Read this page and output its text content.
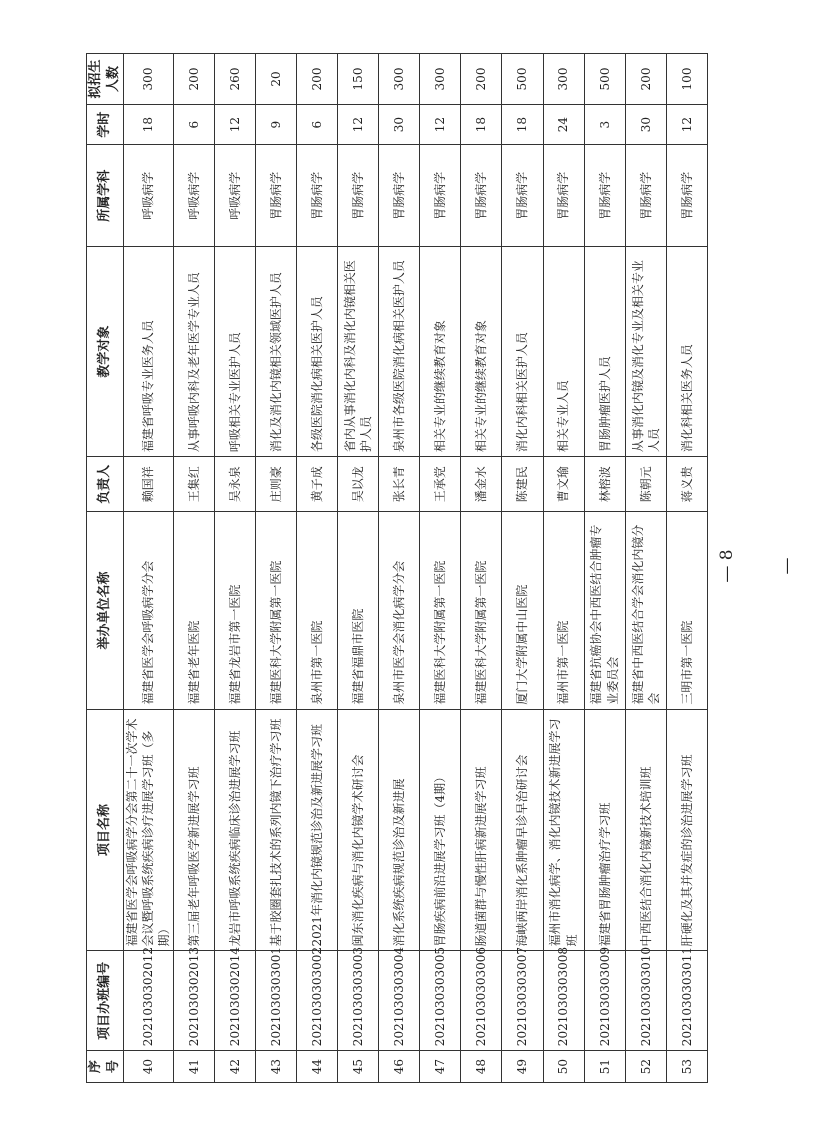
序号	项目办班编号	项目名称	举办单位名称	负责人	教学对象	所属学科	学时	拟招生人数
40	2021030302012	福建省医学会呼吸病学分会第二十一次学术会议暨呼吸系统疾病诊疗进展学习班（多期）	福建省医学会呼吸病学分会	赖国祥	福建省呼吸专业医务人员	呼吸病学	18	300
41	2021030302013	第三届老年呼吸医学新进展学习班	福建省老年医院	王集红	从事呼吸内科及老年医学专业人员	呼吸病学	6	200
42	2021030302014	龙岩市呼吸系统疾病临床诊治进展学习班	福建省龙岩市第一医院	吴永泉	呼吸相关专业医护人员	呼吸病学	12	260
43	2021030303001	基于胶圈套扎技术的系列内镜下治疗学习班	福建医科大学附属第一医院	庄则豪	消化及消化内镜相关领域医护人员	胃肠病学	9	20
44	2021030303002	2021年消化内镜规范诊治及新进展学习班	泉州市第一医院	黄子成	各级医院消化病相关医护人员	胃肠病学	6	200
45	2021030303003	闽东消化疾病与消化内镜学术研讨会	福建省福鼎市医院	吴以龙	省内从事消化内科及消化内镜相关医护人员	胃肠病学	12	150
46	2021030303004	消化系统疾病规范诊治及新进展	泉州市医学会消化病学分会	张长青	泉州市各级医院消化病相关医护人员	胃肠病学	30	300
47	2021030303005	胃肠疾病前沿进展学习班（4期）	福建医科大学附属第一医院	王承党	相关专业的继续教育对象	胃肠病学	12	300
48	2021030303006	肠道菌群与慢性肝病新进展学习班	福建医科大学附属第一医院	潘金水	相关专业的继续教育对象	胃肠病学	18	200
49	2021030303007	海峡两岸消化系肿瘤早诊早治研讨会	厦门大学附属中山医院	陈建民	消化内科相关医护人员	胃肠病学	18	500
50	2021030303008	福州市消化病学、消化内镜技术新进展学习班	福州市第一医院	曹文瑜	相关专业人员	胃肠病学	24	300
51	2021030303009	福建省胃肠肿瘤治疗学习班	福建省抗癌协会中西医结合肿瘤专业委员会	林榕波	胃肠肿瘤医护人员	胃肠病学	3	500
52	2021030303010	中西医结合消化内镜新技术培训班	福建省中西医结合学会消化内镜分会	陈朝元	从事消化内镜及消化专业及相关专业人员	胃肠病学	30	200
53	2021030303011	肝硬化及其并发症的诊治进展学习班	三明市第一医院	蒋义贵	消化科相关医务人员	胃肠病学	12	100
— 8 —
